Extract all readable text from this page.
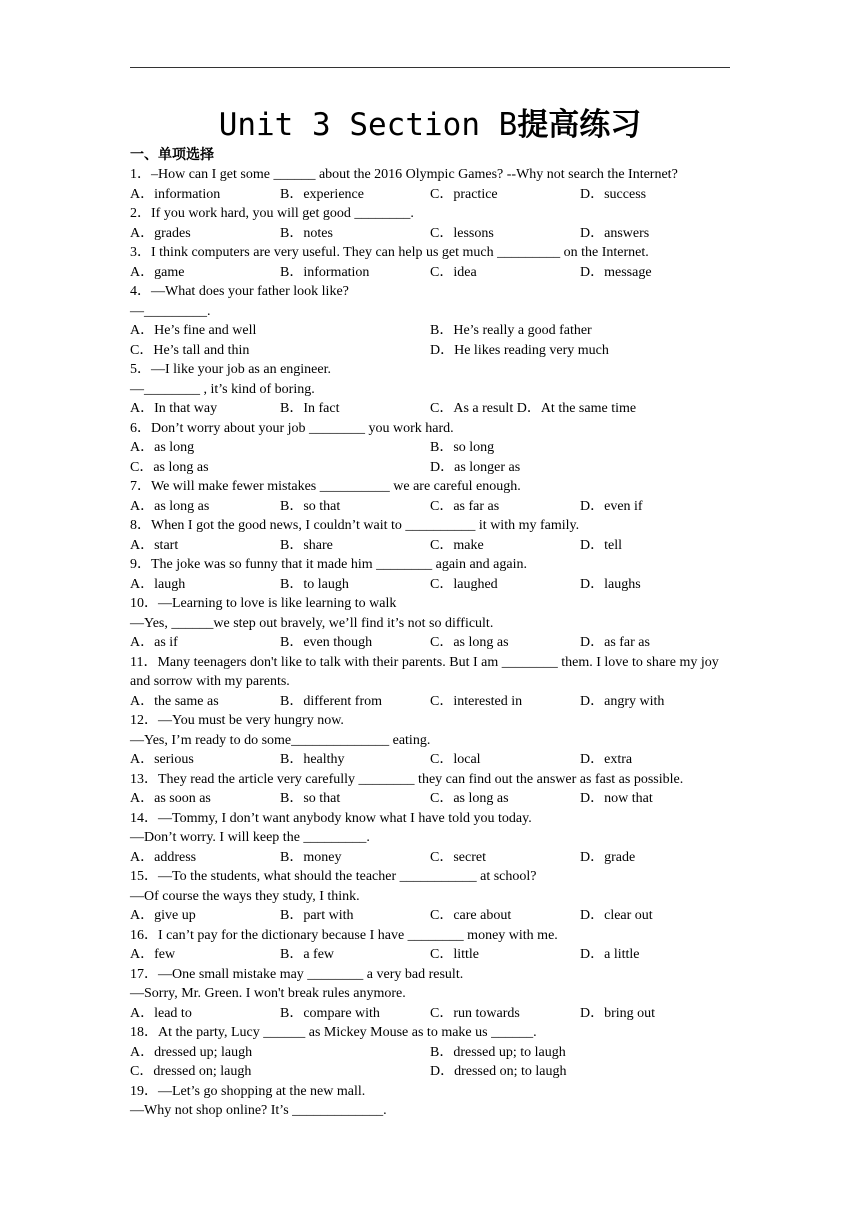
Unit 3 Section B提高练习
一、单项选择
1．–How can I get some ______ about the 2016 Olympic Games? --Why not search the Internet?
A．information	B．experience	C．practice	D．success
2．If you work hard, you will get good ________.
A．grades	B．notes	C．lessons	D．answers
3．I think computers are very useful. They can help us get much _________ on the Internet.
A．game	B．information	C．idea	D．message
4．—What does your father look like?
—_________.
A．He’s fine and well	B．He’s really a good father
C．He’s tall and thin	D．He likes reading very much
5．—I like your job as an engineer.
—________ , it’s kind of boring.
A．In that way	B．In fact	C．As a result D．At the same time
6．Don’t worry about your job ________ you work hard.
A．as long	B．so long
C．as long as	D．as longer as
7．We will make fewer mistakes __________ we are careful enough.
A．as long as	B．so that	C．as far as	D．even if
8．When I got the good news, I couldn’t wait to __________ it with my family.
A．start	B．share	C．make	D．tell
9．The joke was so funny that it made him ________ again and again.
A．laugh	B．to laugh	C．laughed	D．laughs
10．—Learning to love is like learning to walk
—Yes, ______we step out bravely, we’ll find it’s not so difficult.
A．as if	B．even though	C．as long as	D．as far as
11．Many teenagers don't like to talk with their parents. But I am ________ them. I love to share my joy and sorrow with my parents.
A．the same as	B．different from	C．interested in	D．angry with
12．—You must be very hungry now.
—Yes, I’m ready to do some______________ eating.
A．serious	B．healthy	C．local	D．extra
13．They read the article very carefully ________ they can find out the answer as fast as possible.
A．as soon as	B．so that	C．as long as	D．now that
14．—Tommy, I don’t want anybody know what I have told you today.
—Don’t worry. I will keep the _________.
A．address	B．money	C．secret	D．grade
15．—To the students, what should the teacher ___________ at school?
—Of course the ways they study, I think.
A．give up	B．part with	C．care about	D．clear out
16．I can’t pay for the dictionary because I have ________ money with me.
A．few	B．a few	C．little	D．a little
17．—One small mistake may ________ a very bad result.
—Sorry, Mr. Green. I won't break rules anymore.
A．lead to	B．compare with	C．run towards	D．bring out
18．At the party, Lucy ______ as Mickey Mouse as to make us ______.
A．dressed up; laugh	B．dressed up; to laugh
C．dressed on; laugh	D．dressed on; to laugh
19．—Let’s go shopping at the new mall.
—Why not shop online? It’s _____________.
